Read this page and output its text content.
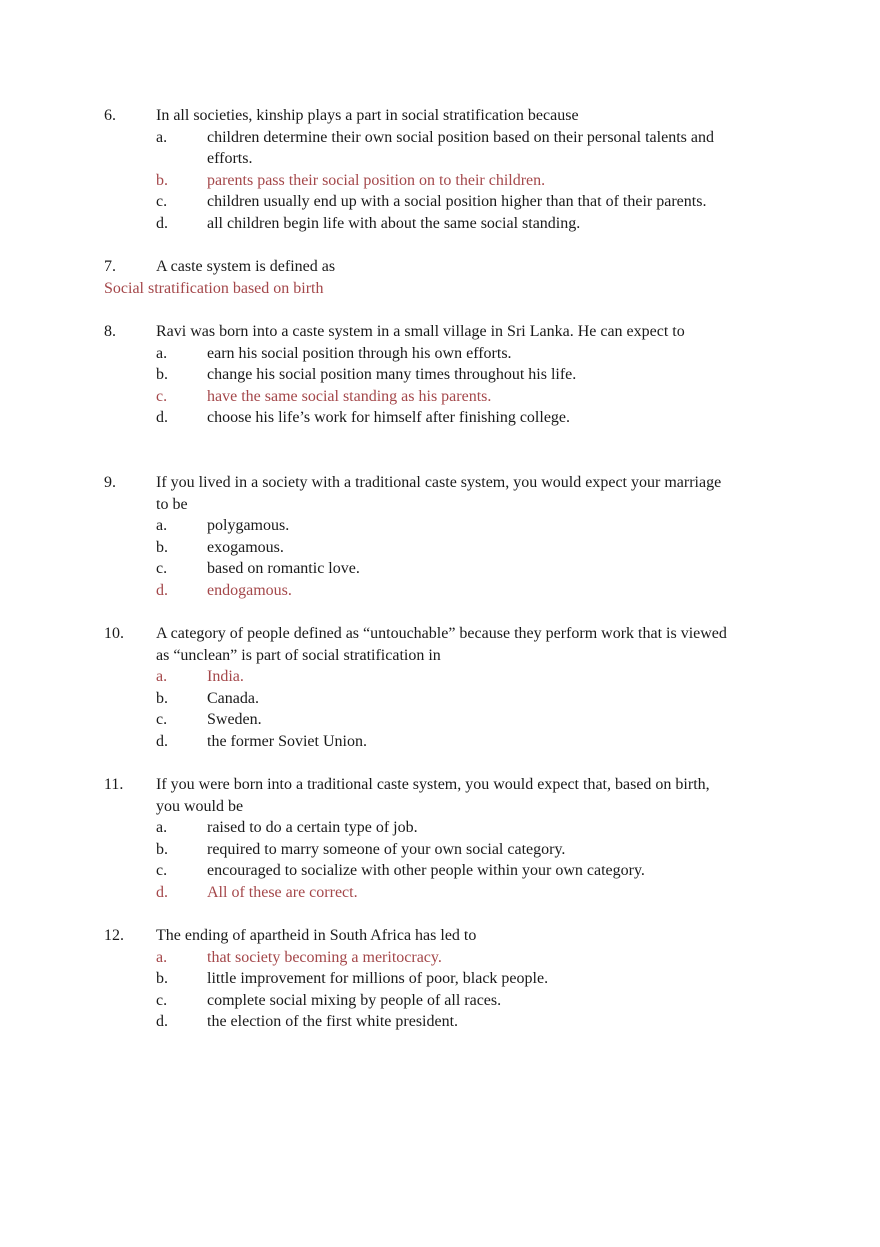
6.	In all societies, kinship plays a part in social stratification because
a. children determine their own social position based on their personal talents and
efforts.
b. parents pass their social position on to their children.
c. children usually end up with a social position higher than that of their parents.
d. all children begin life with about the same social standing.
7.	A caste system is defined as
Social stratification based on birth
8.	Ravi was born into a caste system in a small village in Sri Lanka. He can expect to
a. earn his social position through his own efforts.
b. change his social position many times throughout his life.
c. have the same social standing as his parents.
d. choose his life’s work for himself after finishing college.
9.	If you lived in a society with a traditional caste system, you would expect your marriage
to be
a. polygamous.
b. exogamous.
c. based on romantic love.
d. endogamous.
10. A category of people defined as “untouchable” because they perform work that is viewed
as “unclean” is part of social stratification in
a. India.
b. Canada.
c. Sweden.
d. the former Soviet Union.
11. If you were born into a traditional caste system, you would expect that, based on birth,
you would be
a. raised to do a certain type of job.
b. required to marry someone of your own social category.
c. encouraged to socialize with other people within your own category.
d. All of these are correct.
12. The ending of apartheid in South Africa has led to
a. that society becoming a meritocracy.
b. little improvement for millions of poor, black people.
c. complete social mixing by people of all races.
d. the election of the first white president.
